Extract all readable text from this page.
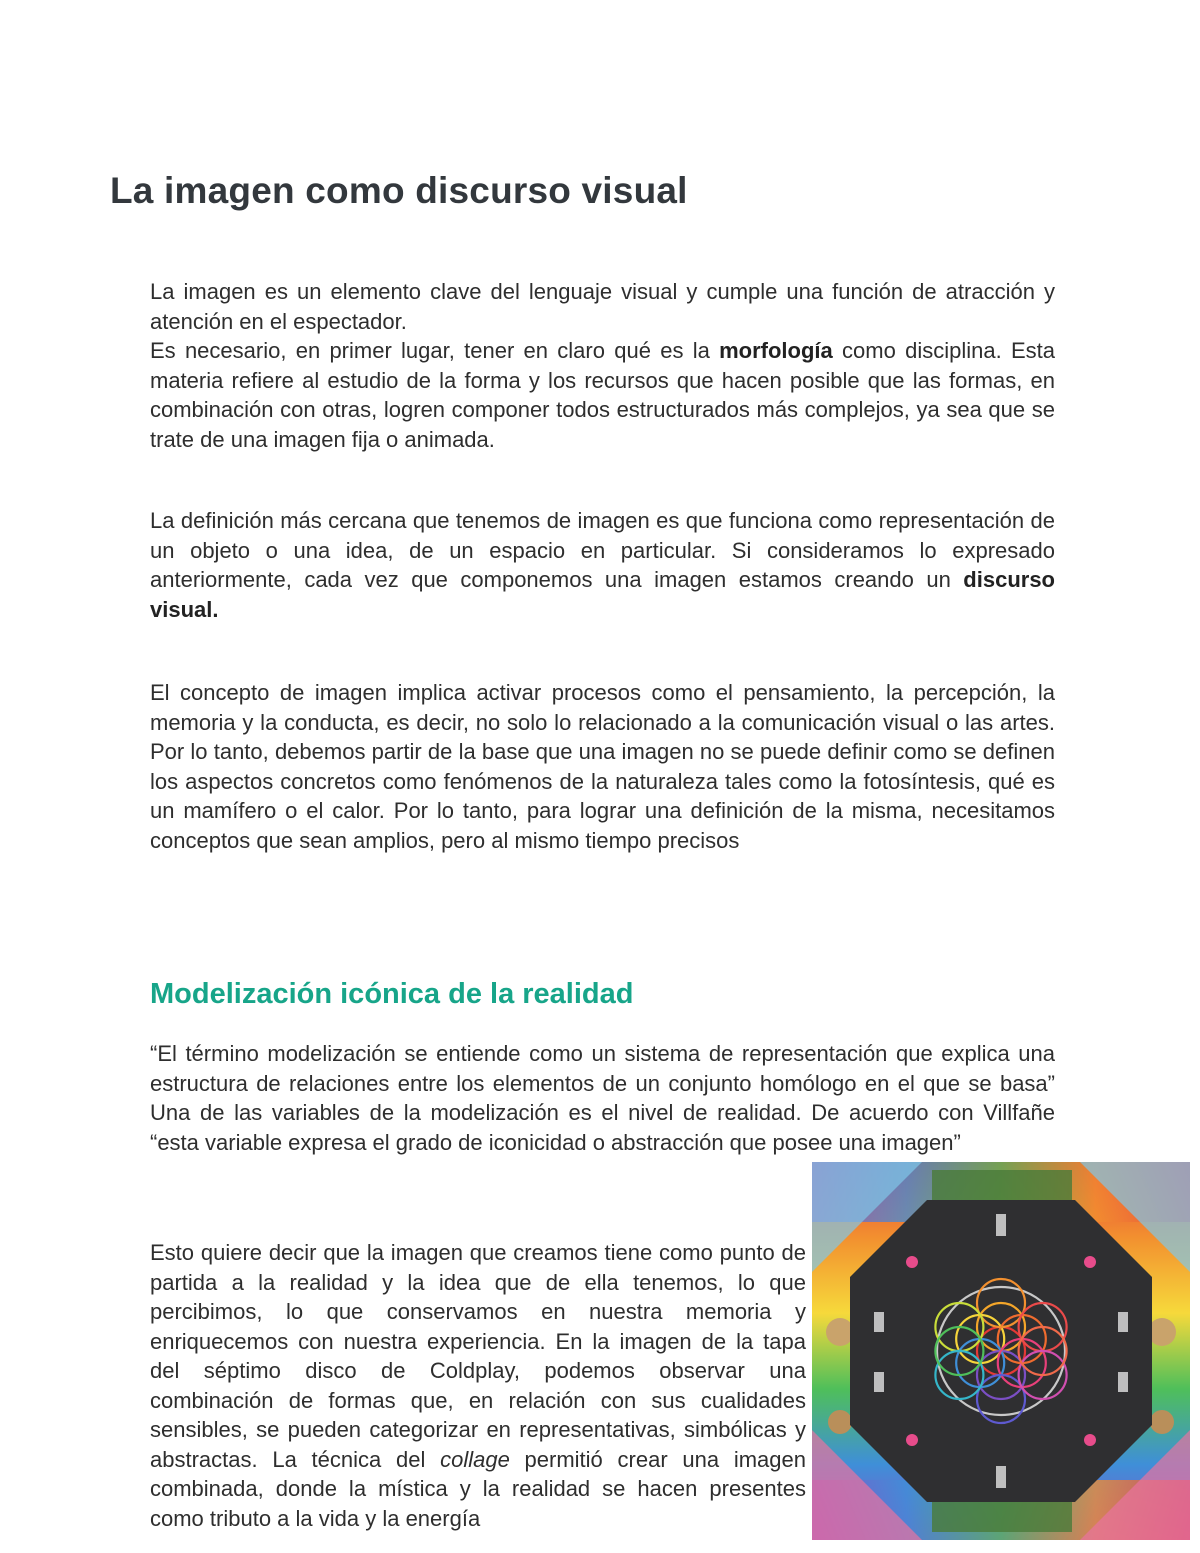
La imagen como discurso visual

La imagen es un elemento clave del lenguaje visual y cumple una función de atracción y atención en el espectador.

Es necesario, en primer lugar, tener en claro qué es la morfología como disciplina. Esta materia refiere al estudio de la forma y los recursos que hacen posible que las formas, en combinación con otras, logren componer todos estructurados más complejos, ya sea que se trate de una imagen fija o animada.

La definición más cercana que tenemos de imagen es que funciona como representación de un objeto o una idea, de un espacio en particular. Si consideramos lo expresado anteriormente, cada vez que componemos una imagen estamos creando un discurso visual.

El concepto de imagen implica activar procesos como el pensamiento, la percepción, la memoria y la conducta, es decir, no solo lo relacionado a la comunicación visual o las artes. Por lo tanto, debemos partir de la base que una imagen no se puede definir como se definen los aspectos concretos como fenómenos de la naturaleza tales como la fotosíntesis, qué es un mamífero o el calor. Por lo tanto, para lograr una definición de la misma, necesitamos conceptos que sean amplios, pero al mismo tiempo precisos

Modelización icónica de la realidad

“El término modelización se entiende como un sistema de representación que explica una estructura de relaciones entre los elementos de un conjunto homólogo en el que se basa” Una de las variables de la modelización es el nivel de realidad. De acuerdo con Villfañe “esta variable expresa el grado de iconicidad o abstracción que posee una imagen”

Esto quiere decir que la imagen que creamos tiene como punto de partida a la realidad y la idea que de ella tenemos, lo que percibimos, lo que conservamos en nuestra memoria y enriquecemos con nuestra experiencia. En la imagen de la tapa del séptimo disco de Coldplay, podemos observar una combinación de formas que, en relación con sus cualidades sensibles, se pueden categorizar en representativas, simbólicas y abstractas. La técnica del collage permitió crear una imagen combinada, donde la mística y la realidad se hacen presentes como tributo a la vida y la energía
